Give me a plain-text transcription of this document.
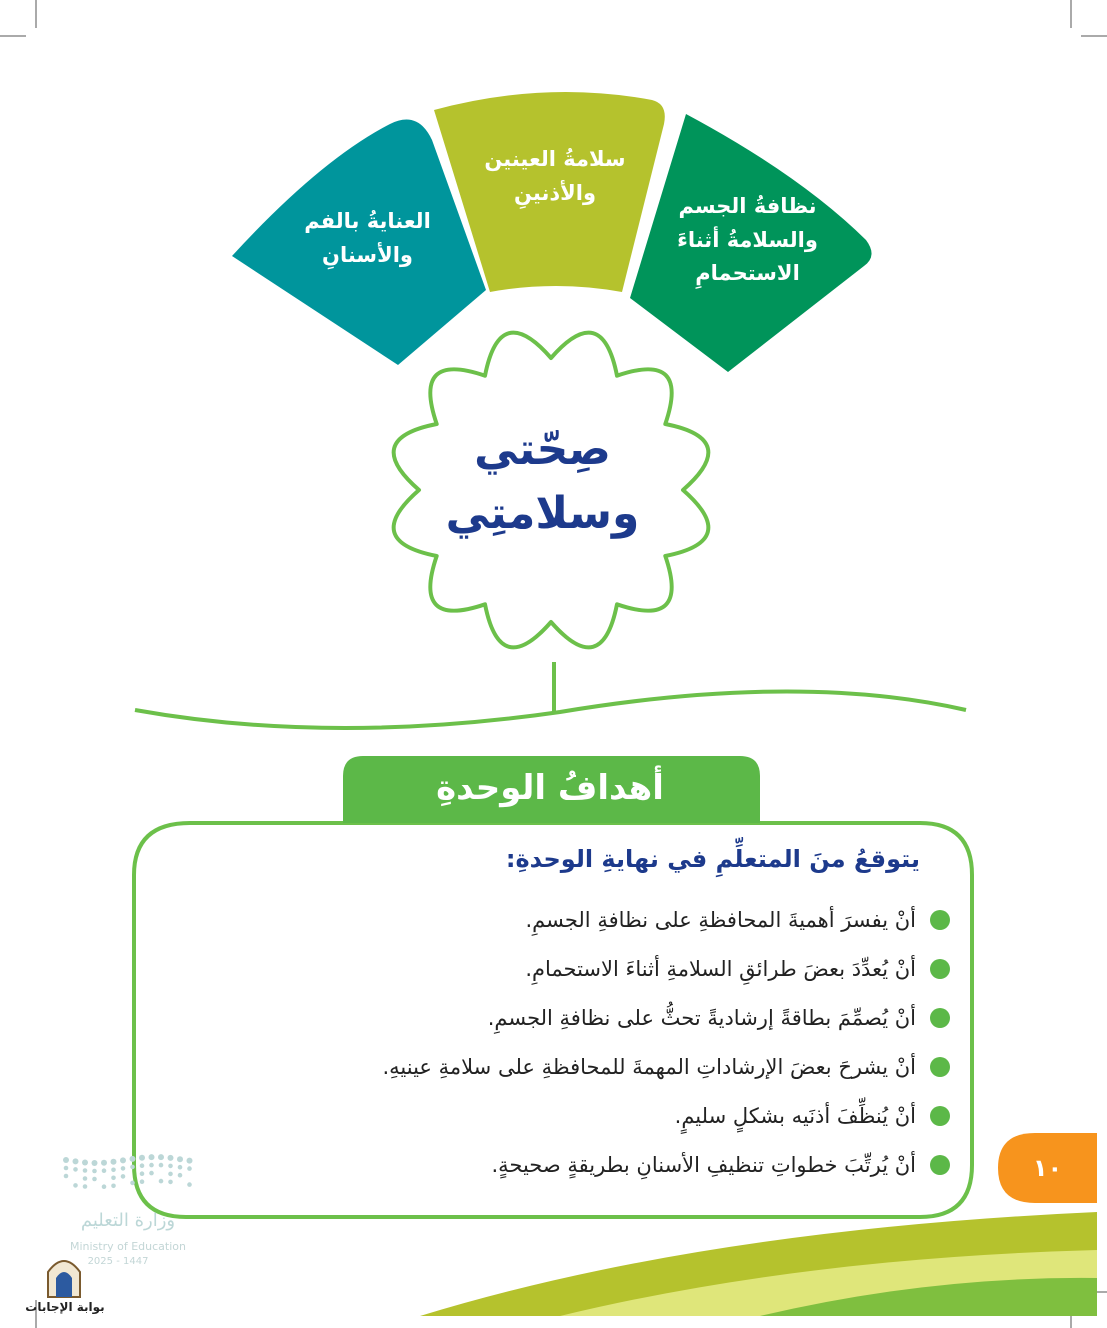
العنايةُ بالفم
والأسنانِ
سلامةُ العينين
والأذنينِ
نظافةُ الجسم
والسلامةُ أثناءَ
الاستحمامِ
صِحّتي
وسلامتِي
أهدافُ الوحدةِ
يتوقعُ منَ المتعلِّمِ في نهايةِ الوحدةِ:
أنْ يفسرَ أهميةَ المحافظةِ على نظافةِ الجسمِ.
أنْ يُعدِّدَ بعضَ طرائقِ السلامةِ أثناءَ الاستحمامِ.
أنْ يُصمِّمَ بطاقةً إرشاديةً تحثُّ على نظافةِ الجسمِ.
أنْ يشرحَ بعضَ الإرشاداتِ المهمةَ للمحافظةِ على سلامةِ عينيهِ.
أنْ يُنظِّفَ أذنَيه بشكلٍ سليمٍ.
أنْ يُرتِّبَ خطواتِ تنظيفِ الأسنانِ بطريقةٍ صحيحةٍ.	١٠
وزارة التعليم
Ministry of Education
2025 - 1447
بوابة الإجابات
